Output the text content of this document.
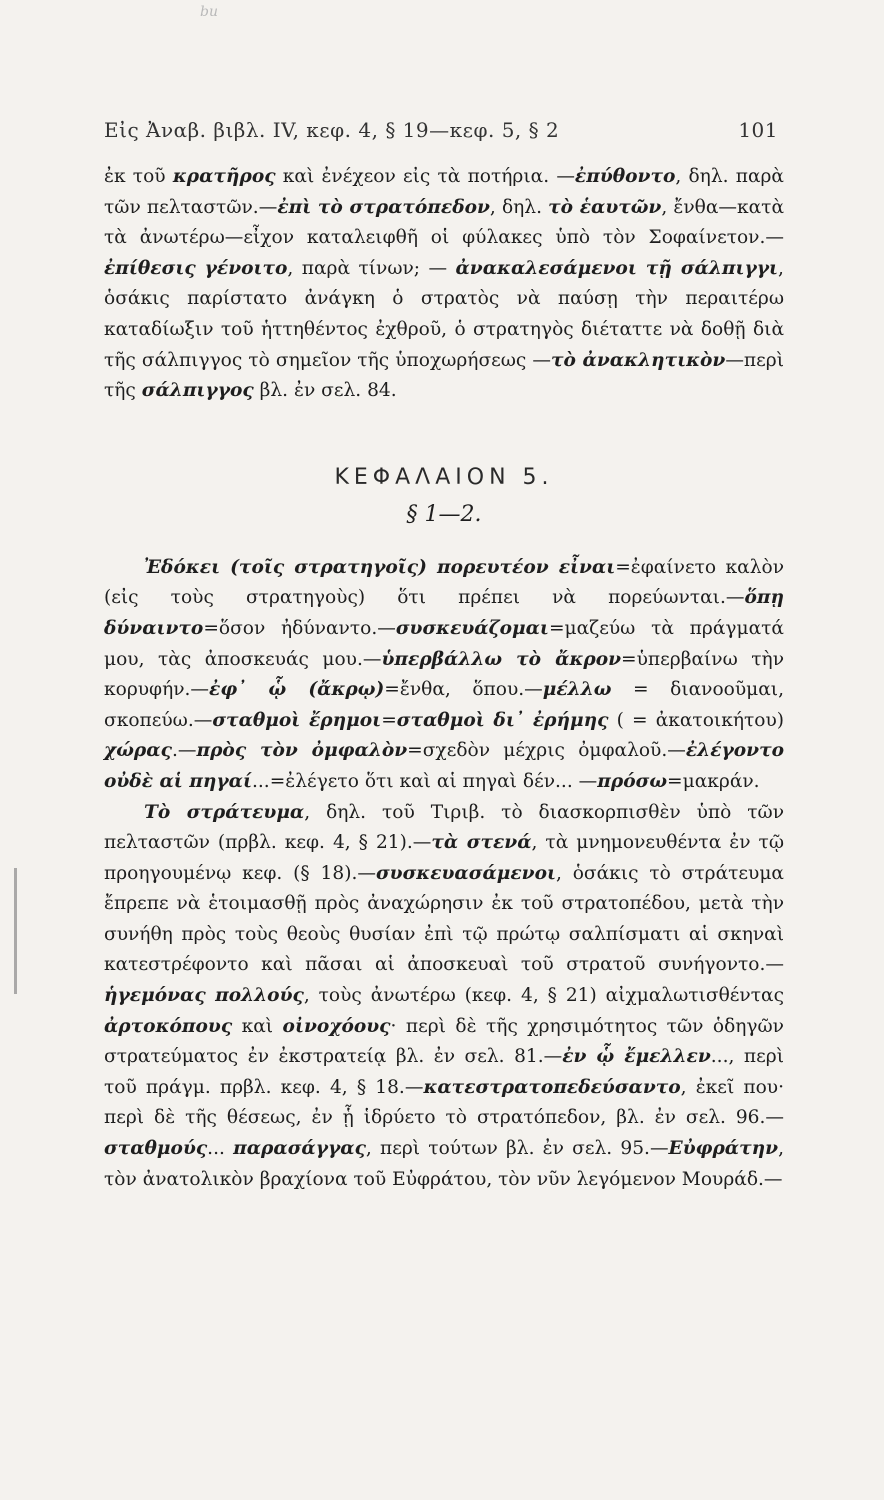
bu
Εἰς Ἀναβ. βιβλ. IV, κεφ. 4, § 19—κεφ. 5, § 2	101

ἐκ τοῦ κρατῆρος καὶ ἐνέχεον εἰς τὰ ποτήρια. —ἐπύθοντο, δηλ. παρὰ τῶν πελταστῶν.—ἐπὶ τὸ στρατόπεδον, δηλ. τὸ ἑαυτῶν, ἔνθα—κατὰ τὰ ἀνωτέρω—εἶχον καταλειφθῆ οἱ φύλακες ὑπὸ τὸν Σοφαίνετον.—ἐπίθεσις γένοιτο, παρὰ τίνων; — ἀνακαλεσάμενοι τῇ σάλπιγγι, ὁσάκις παρίστατο ἀνάγκη ὁ στρατὸς νὰ παύσῃ τὴν περαιτέρω καταδίωξιν τοῦ ἡττηθέντος ἐχθροῦ, ὁ στρατηγὸς διέταττε νὰ δοθῇ διὰ τῆς σάλπιγγος τὸ σημεῖον τῆς ὑποχωρήσεως —τὸ ἀνακλητικὸν—περὶ τῆς σάλπιγγος βλ. ἐν σελ. 84.

ΚΕΦΑΛΑΙΟΝ 5.
§ 1—2.

Ἐδόκει (τοῖς στρατηγοῖς) πορευτέον εἶναι=ἐφαίνετο καλὸν (εἰς τοὺς στρατηγοὺς) ὅτι πρέπει νὰ πορεύωνται.—ὅπῃ δύναιντο=ὅσον ἠδύναντο.—συσκευάζομαι=μαζεύω τὰ πράγματά μου, τὰς ἀποσκευάς μου.—ὑπερβάλλω τὸ ἄκρον=ὑπερβαίνω τὴν κορυφήν.—ἐφ᾿ ᾧ (ἄκρῳ)=ἔνθα, ὅπου.—μέλλω = διανοοῦμαι, σκοπεύω.—σταθμοὶ ἔρημοι=σταθμοὶ δι᾿ ἐρήμης ( = ἀκατοικήτου) χώρας.—πρὸς τὸν ὀμφαλὸν=σχεδὸν μέχρις ὀμφαλοῦ.—ἐλέγοντο οὐδὲ αἱ πηγαί...=ἐλέγετο ὅτι καὶ αἱ πηγαὶ δέν... —πρόσω=μακράν.

Τὸ στράτευμα, δηλ. τοῦ Τιριβ. τὸ διασκορπισθὲν ὑπὸ τῶν πελταστῶν (πρβλ. κεφ. 4, § 21).—τὰ στενά, τὰ μνημονευθέντα ἐν τῷ προηγουμένῳ κεφ. (§ 18).—συσκευασάμενοι, ὁσάκις τὸ στράτευμα ἔπρεπε νὰ ἑτοιμασθῇ πρὸς ἀναχώρησιν ἐκ τοῦ στρατοπέδου, μετὰ τὴν συνήθη πρὸς τοὺς θεοὺς θυσίαν ἐπὶ τῷ πρώτῳ σαλπίσματι αἱ σκηναὶ κατεστρέφοντο καὶ πᾶσαι αἱ ἀποσκευαὶ τοῦ στρατοῦ συνήγοντο.—ἡγεμόνας πολλούς, τοὺς ἀνωτέρω (κεφ. 4, § 21) αἰχμαλωτισθέντας ἀρτοκόπους καὶ οἰνοχόους· περὶ δὲ τῆς χρησιμότητος τῶν ὁδηγῶν στρατεύματος ἐν ἐκστρατείᾳ βλ. ἐν σελ. 81.—ἐν ᾧ ἔμελλεν..., περὶ τοῦ πράγμ. πρβλ. κεφ. 4, § 18.—κατεστρατοπεδεύσαντο, ἐκεῖ που· περὶ δὲ τῆς θέσεως, ἐν ᾗ ἱδρύετο τὸ στρατόπεδον, βλ. ἐν σελ. 96.—σταθμούς... παρασάγγας, περὶ τούτων βλ. ἐν σελ. 95.—Εὐφράτην, τὸν ἀνατολικὸν βραχίονα τοῦ Εὐφράτου, τὸν νῦν λεγόμενον Μουράδ.—
